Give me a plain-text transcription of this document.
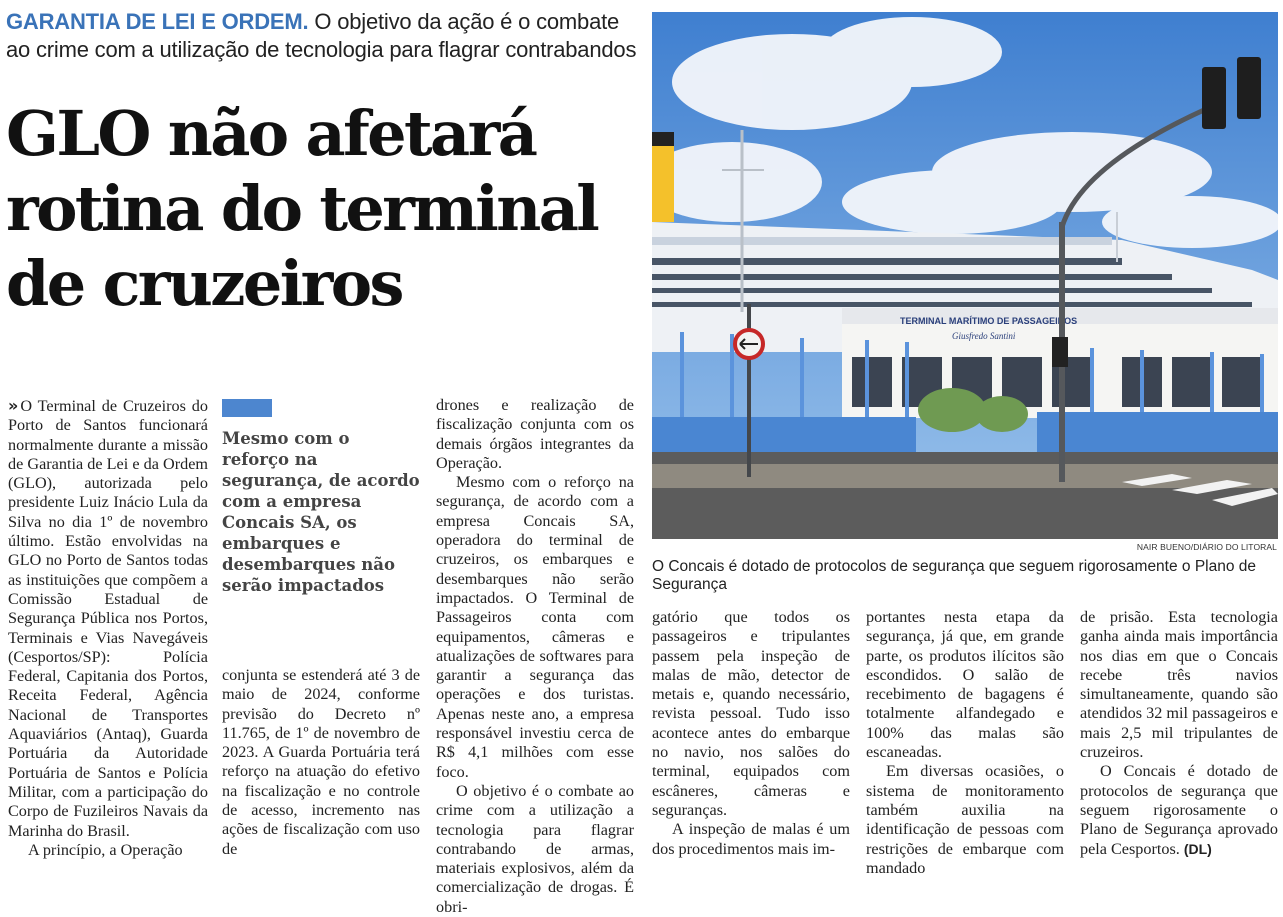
GARANTIA DE LEI E ORDEM. O objetivo da ação é o combate ao crime com a utilização de tecnologia para flagrar contrabandos
GLO não afetará
rotina do terminal
de cruzeiros

» O Terminal de Cruzeiros do Porto de Santos funcionará normalmente durante a missão de Garantia de Lei e da Ordem (GLO), autorizada pelo presidente Luiz Inácio Lula da Silva no dia 1º de novembro último. Estão envolvidas na GLO no Porto de Santos todas as instituições que compõem a Comissão Estadual de Segurança Pública nos Portos, Terminais e Vias Navegáveis (Cesportos/SP): Polícia Federal, Capitania dos Portos, Receita Federal, Agência Nacional de Transportes Aquaviários (Antaq), Guarda Portuária da Autoridade Portuária de Santos e Polícia Militar, com a participação do Corpo de Fuzileiros Navais da Marinha do Brasil.

A princípio, a Operação

Mesmo com o reforço na segurança, de acordo com a empresa Concais SA, os embarques e desembarques não serão impactados

conjunta se estenderá até 3 de maio de 2024, conforme previsão do Decreto nº 11.765, de 1º de novembro de 2023. A Guarda Portuária terá reforço na atuação do efetivo na fiscalização e no controle de acesso, incremento nas ações de fiscalização com uso de

drones e realização de fiscalização conjunta com os demais órgãos integrantes da Operação.

Mesmo com o reforço na segurança, de acordo com a empresa Concais SA, operadora do terminal de cruzeiros, os embarques e desembarques não serão impactados. O Terminal de Passageiros conta com equipamentos, câmeras e atualizações de softwares para garantir a segurança das operações e dos turistas. Apenas neste ano, a empresa responsável investiu cerca de R$ 4,1 milhões com esse foco.

O objetivo é o combate ao crime com a utilização a tecnologia para flagrar contrabando de armas, materiais explosivos, além da comercialização de drogas. É obri-

TERMINAL MARÍTIMO DE PASSAGEIROS
Giusfredo Santini
NAIR BUENO/DIÁRIO DO LITORAL
O Concais é dotado de protocolos de segurança que seguem rigorosamente o Plano de Segurança

gatório que todos os passageiros e tripulantes passem pela inspeção de malas de mão, detector de metais e, quando necessário, revista pessoal. Tudo isso acontece antes do embarque no navio, nos salões do terminal, equipados com escâneres, câmeras e seguranças.

A inspeção de malas é um dos procedimentos mais im-

portantes nesta etapa da segurança, já que, em grande parte, os produtos ilícitos são escondidos. O salão de recebimento de bagagens é totalmente alfandegado e 100% das malas são escaneadas.

Em diversas ocasiões, o sistema de monitoramento também auxilia na identificação de pessoas com restrições de embarque com mandado

de prisão. Esta tecnologia ganha ainda mais importância nos dias em que o Concais recebe três navios simultaneamente, quando são atendidos 32 mil passageiros e mais 2,5 mil tripulantes de cruzeiros.

O Concais é dotado de protocolos de segurança que seguem rigorosamente o Plano de Segurança aprovado pela Cesportos. (DL)
